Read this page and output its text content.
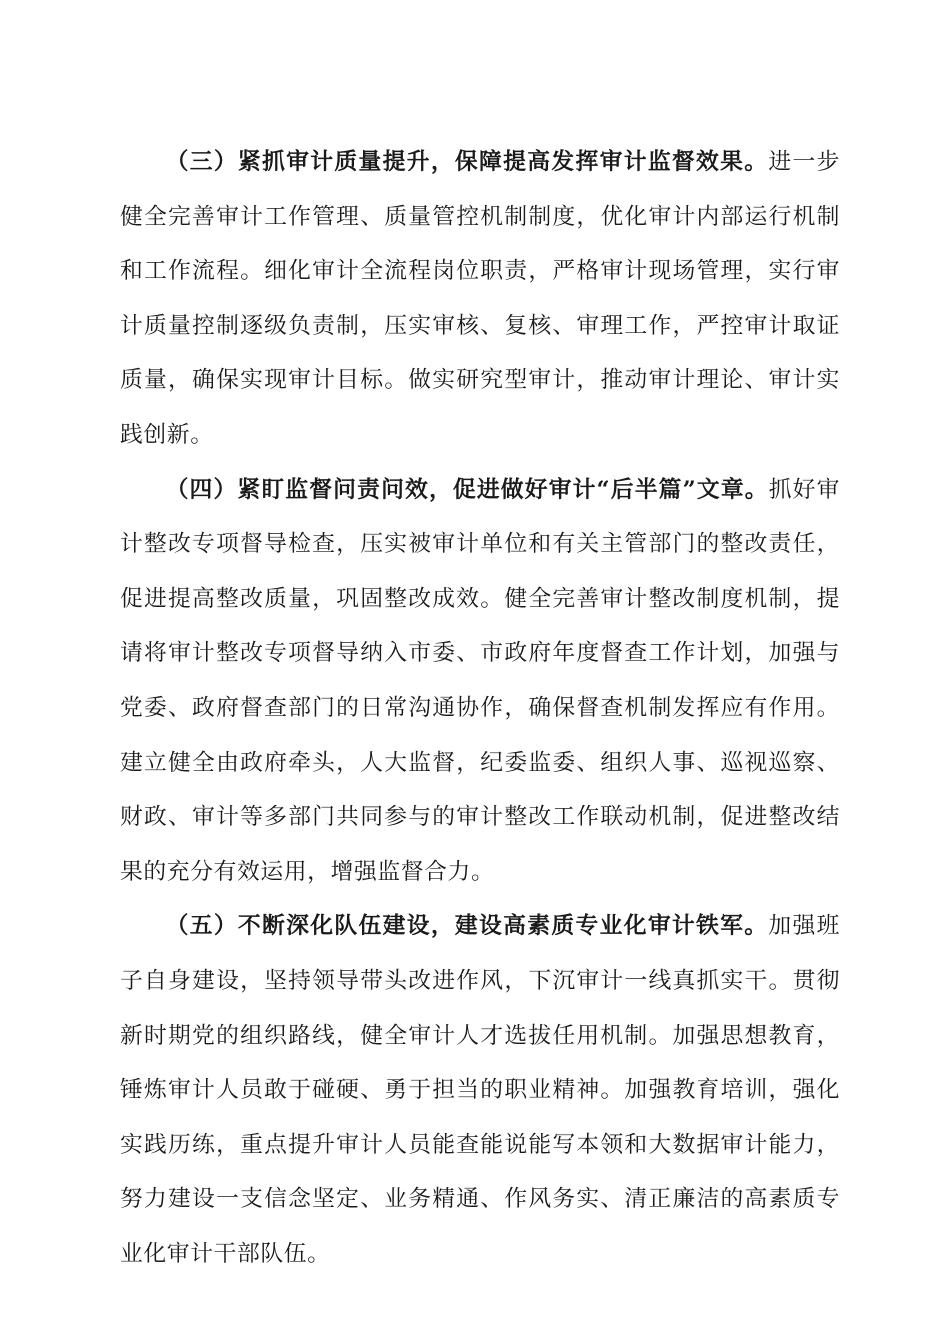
（三）紧抓审计质量提升，保障提高发挥审计监督效果。进一步健全完善审计工作管理、质量管控机制制度，优化审计内部运行机制和工作流程。细化审计全流程岗位职责，严格审计现场管理，实行审计质量控制逐级负责制，压实审核、复核、审理工作，严控审计取证质量，确保实现审计目标。做实研究型审计，推动审计理论、审计实践创新。

（四）紧盯监督问责问效，促进做好审计“后半篇”文章。抓好审计整改专项督导检查，压实被审计单位和有关主管部门的整改责任，促进提高整改质量，巩固整改成效。健全完善审计整改制度机制，提请将审计整改专项督导纳入市委、市政府年度督查工作计划，加强与党委、政府督查部门的日常沟通协作，确保督查机制发挥应有作用。建立健全由政府牵头，人大监督，纪委监委、组织人事、巡视巡察、财政、审计等多部门共同参与的审计整改工作联动机制，促进整改结果的充分有效运用，增强监督合力。

（五）不断深化队伍建设，建设高素质专业化审计铁军。加强班子自身建设，坚持领导带头改进作风，下沉审计一线真抓实干。贯彻新时期党的组织路线，健全审计人才选拔任用机制。加强思想教育，锤炼审计人员敢于碰硬、勇于担当的职业精神。加强教育培训，强化实践历练，重点提升审计人员能查能说能写本领和大数据审计能力，努力建设一支信念坚定、业务精通、作风务实、清正廉洁的高素质专业化审计干部队伍。
